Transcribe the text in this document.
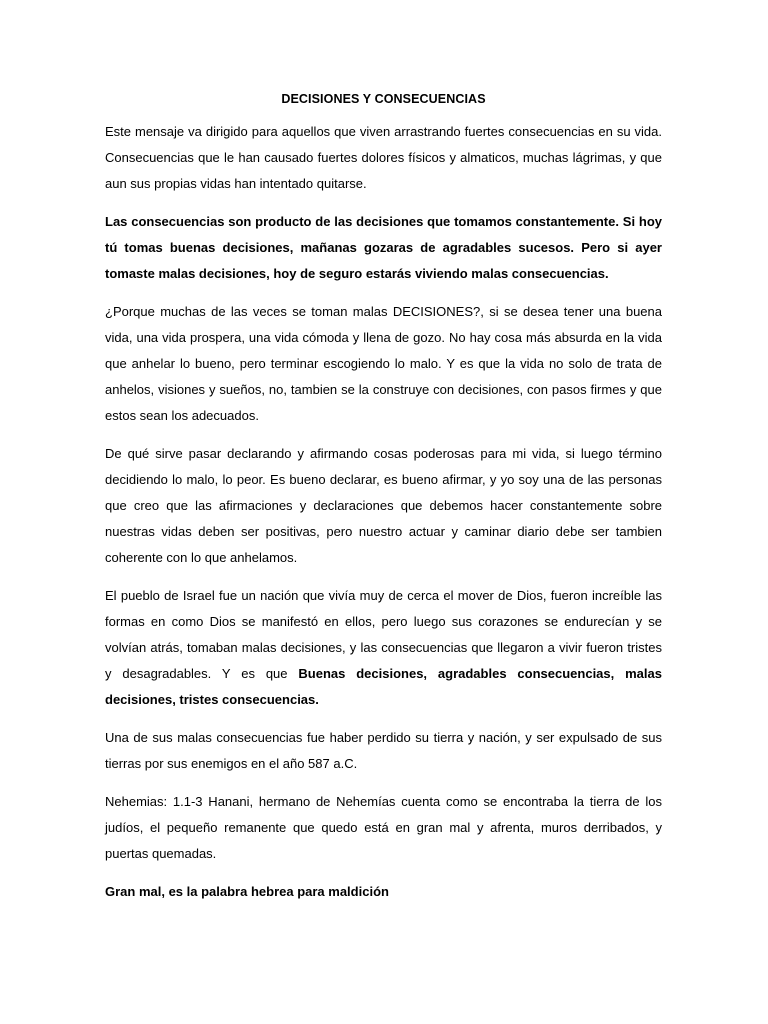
DECISIONES Y CONSECUENCIAS

Este mensaje va dirigido para aquellos que viven arrastrando fuertes consecuencias en su vida. Consecuencias que le han causado fuertes dolores físicos y almaticos, muchas lágrimas, y que aun sus propias vidas han intentado quitarse.

Las consecuencias son producto de las decisiones que tomamos constantemente. Si hoy tú tomas buenas decisiones, mañanas gozaras de agradables sucesos. Pero si ayer tomaste malas decisiones, hoy de seguro estarás viviendo malas consecuencias.

¿Porque muchas de las veces se toman malas DECISIONES?, si se desea tener una buena vida, una vida prospera, una vida cómoda y llena de gozo. No hay cosa más absurda en la vida que anhelar lo bueno, pero terminar escogiendo lo malo. Y es que la vida no solo de trata de anhelos, visiones y sueños, no, tambien se la construye con decisiones, con pasos firmes y que estos sean los adecuados.

De qué sirve pasar declarando y afirmando cosas poderosas para mi vida, si luego término decidiendo lo malo, lo peor. Es bueno declarar, es bueno afirmar, y yo soy una de las personas que creo que las afirmaciones y declaraciones que debemos hacer constantemente sobre nuestras vidas deben ser positivas, pero nuestro actuar y caminar diario debe ser tambien coherente con lo que anhelamos.

El pueblo de Israel fue un nación que vivía muy de cerca el mover de Dios, fueron increíble las formas en como Dios se manifestó en ellos, pero luego sus corazones se endurecían y se volvían atrás, tomaban malas decisiones, y las consecuencias que llegaron a vivir fueron tristes y desagradables. Y es que Buenas decisiones, agradables consecuencias, malas decisiones, tristes consecuencias.

Una de sus malas consecuencias fue haber perdido su tierra y nación, y ser expulsado de sus tierras por sus enemigos en el año 587 a.C.

Nehemias: 1.1-3 Hanani, hermano de Nehemías cuenta como se encontraba la tierra de los judíos, el pequeño remanente que quedo está en gran mal y afrenta, muros derribados, y puertas quemadas.

Gran mal, es la palabra hebrea para maldición
